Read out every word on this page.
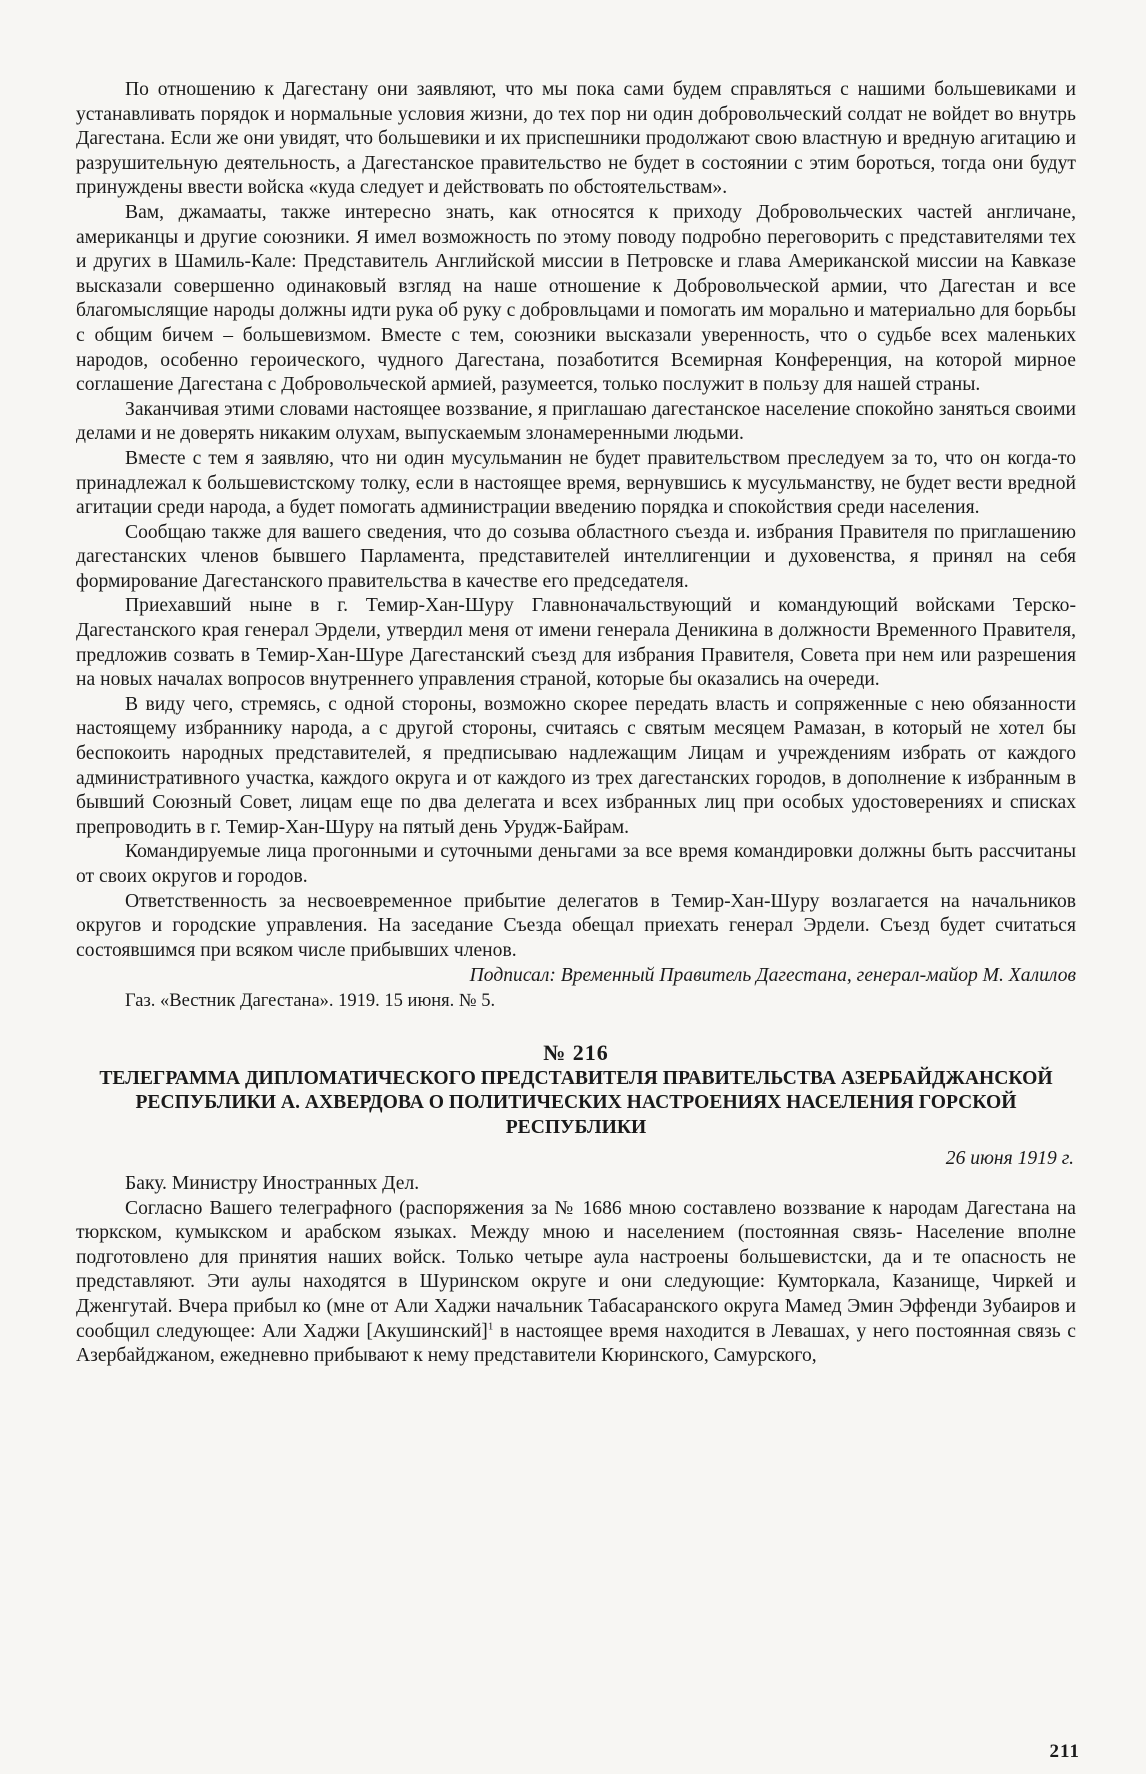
По отношению к Дагестану они заявляют, что мы пока сами будем справляться с нашими большевиками и устанавливать порядок и нормальные условия жизни, до тех пор ни один добровольческий солдат не войдет во внутрь Дагестана. Если же они увидят, что большевики и их приспешники продолжают свою властную и вредную агитацию и разрушительную деятельность, а Дагестанское правительство не будет в состоянии с этим бороться, тогда они будут принуждены ввести войска «куда следует и действовать по обстоятельствам».

Вам, джамааты, также интересно знать, как относятся к приходу Добровольческих частей англичане, американцы и другие союзники. Я имел возможность по этому поводу подробно переговорить с представителями тех и других в Шамиль-Кале: Представитель Английской миссии в Петровске и глава Американской миссии на Кавказе высказали совершенно одинаковый взгляд на наше отношение к Добровольческой армии, что Дагестан и все благомыслящие народы должны идти рука об руку с добровльцами и помогать им морально и материально для борьбы с общим бичем – большевизмом. Вместе с тем, союзники высказали уверенность, что о судьбе всех маленьких народов, особенно героического, чудного Дагестана, позаботится Всемирная Конференция, на которой мирное соглашение Дагестана с Добровольческой армией, разумеется, только послужит в пользу для нашей страны.

Заканчивая этими словами настоящее воззвание, я приглашаю дагестанское население спокойно заняться своими делами и не доверять никаким олухам, выпускаемым злонамеренными людьми.

Вместе с тем я заявляю, что ни один мусульманин не будет правительством преследуем за то, что он когда-то принадлежал к большевистскому толку, если в настоящее время, вернувшись к мусульманству, не будет вести вредной агитации среди народа, а будет помогать администрации введению порядка и спокойствия среди населения.

Сообщаю также для вашего сведения, что до созыва областного съезда и. избрания Правителя по приглашению дагестанских членов бывшего Парламента, представителей интеллигенции и духовенства, я принял на себя формирование Дагестанского правительства в качестве его председателя.

Приехавший ныне в г. Темир-Хан-Шуру Главноначальствующий и командующий войсками Терско-Дагестанского края генерал Эрдели, утвердил меня от имени генерала Деникина в должности Временного Правителя, предложив созвать в Темир-Хан-Шуре Дагестанский съезд для избрания Правителя, Совета при нем или разрешения на новых началах вопросов внутреннего управления страной, которые бы оказались на очереди.

В виду чего, стремясь, с одной стороны, возможно скорее передать власть и сопряженные с нею обязанности настоящему избраннику народа, а с другой стороны, считаясь с святым месяцем Рамазан, в который не хотел бы беспокоить народных представителей, я предписываю надлежащим Лицам и учреждениям избрать от каждого административного участка, каждого округа и от каждого из трех дагестанских городов, в дополнение к избранным в бывший Союзный Совет, лицам еще по два делегата и всех избранных лиц при особых удостоверениях и списках препроводить в г. Темир-Хан-Шуру на пятый день Урудж-Байрам.

Командируемые лица прогонными и суточными деньгами за все время командировки должны быть рассчитаны от своих округов и городов.

Ответственность за несвоевременное прибытие делегатов в Темир-Хан-Шуру возлагается на начальников округов и городские управления. На заседание Съезда обещал приехать генерал Эрдели. Съезд будет считаться состоявшимся при всяком числе прибывших членов.

Подписал: Временный Правитель Дагестана, генерал-майор М. Халилов

Газ. «Вестник Дагестана». 1919. 15 июня. № 5.

№ 216
ТЕЛЕГРАММА ДИПЛОМАТИЧЕСКОГО ПРЕДСТАВИТЕЛЯ ПРАВИТЕЛЬСТВА АЗЕРБАЙДЖАНСКОЙ РЕСПУБЛИКИ А. АХВЕРДОВА О ПОЛИТИЧЕСКИХ НАСТРОЕНИЯХ НАСЕЛЕНИЯ ГОРСКОЙ РЕСПУБЛИКИ
26 июня 1919 г.

Баку. Министру Иностранных Дел.

Согласно Вашего телеграфного (распоряжения за № 1686 мною составлено воззвание к народам Дагестана на тюркском, кумыкском и арабском языках. Между мною и населением (постоянная связь- Население вполне подготовлено для принятия наших войск. Только четыре аула настроены большевистски, да и те опасность не представляют. Эти аулы находятся в Шуринском округе и они следующие: Кумторкала, Казанище, Чиркей и Дженгутай. Вчера прибыл ко (мне от Али Хаджи начальник Табасаранского округа Мамед Эмин Эффенди Зубаиров и сообщил следующее: Али Хаджи [Акушинский]$^1$ в настоящее время находится в Левашах, у него постоянная связь с Азербайджаном, ежедневно прибывают к нему представители Кюринского, Самурского,

211
